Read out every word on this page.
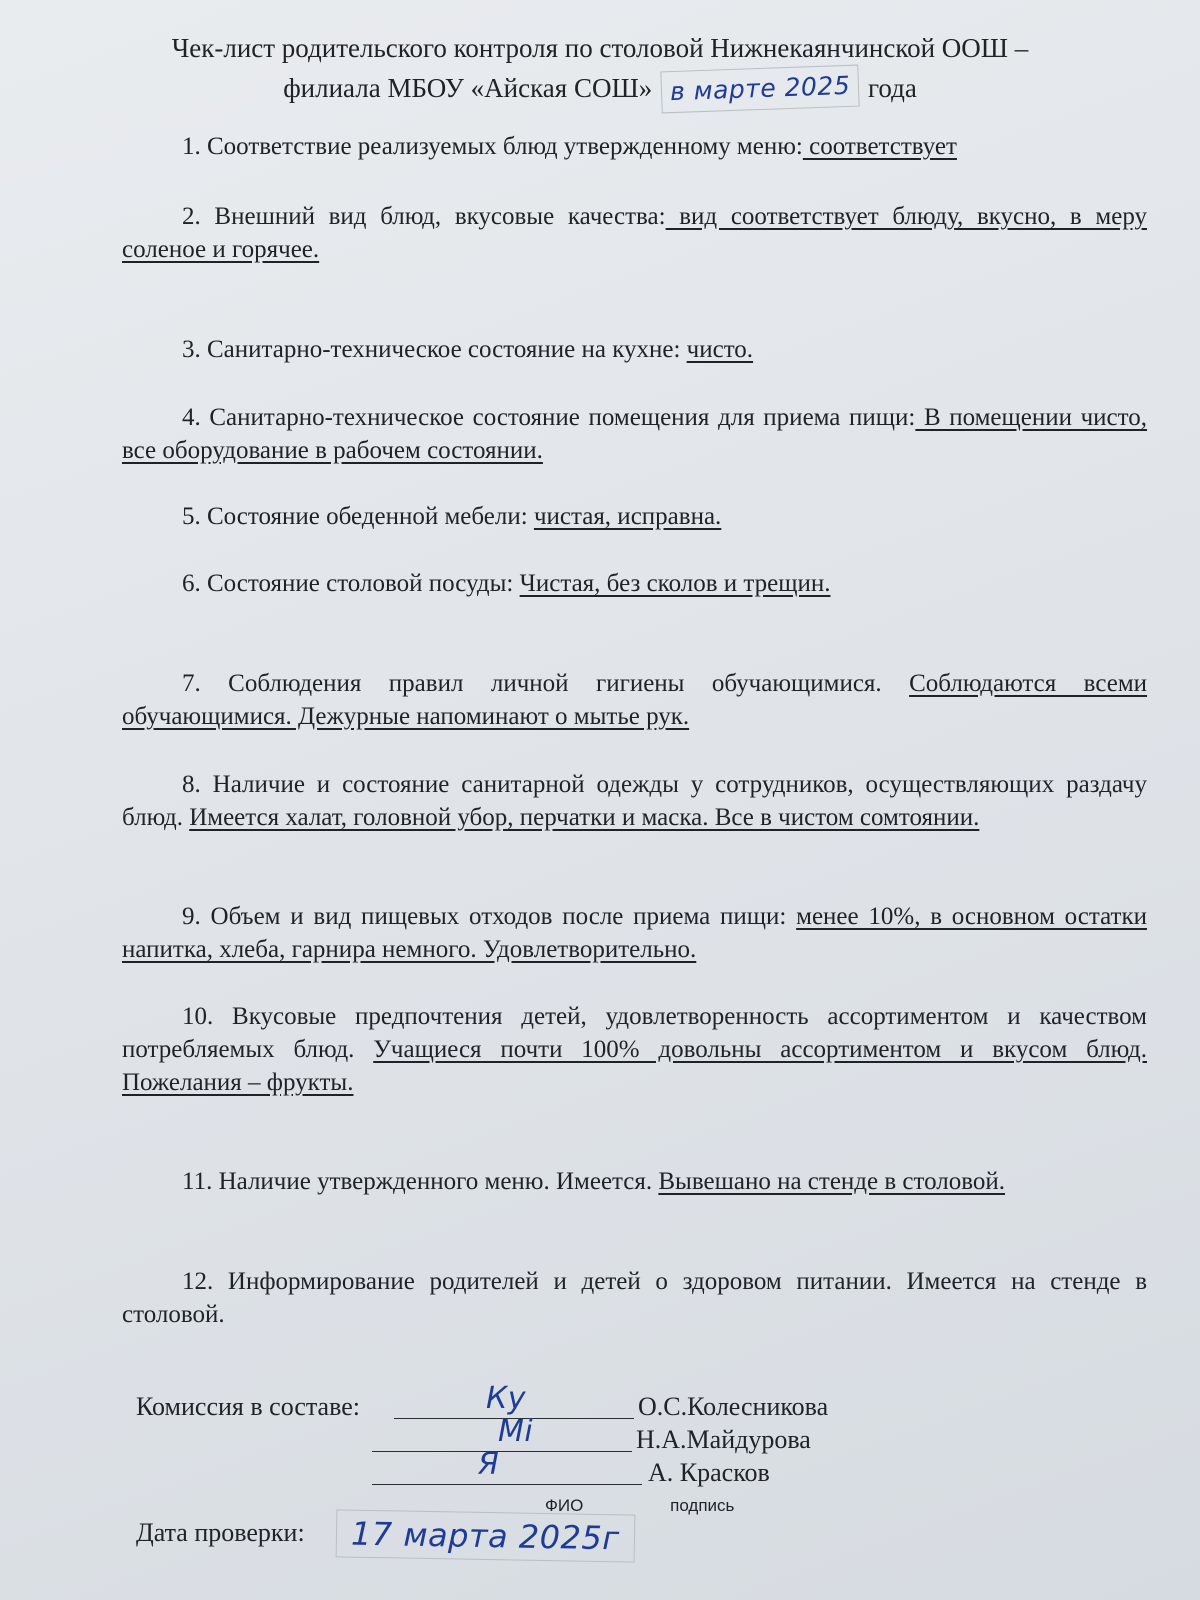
Чек-лист родительского контроля по столовой Нижнекаянчинской ООШ –
филиала МБОУ «Айская СОШ» в марте 2025 года
1. Соответствие реализуемых блюд утвержденному меню: соответствует
2. Внешний вид блюд, вкусовые качества: вид соответствует блюду, вкусно, в меру соленое и горячее.
3. Санитарно-техническое состояние на кухне: чисто.
4. Санитарно-техническое состояние помещения для приема пищи: В помещении чисто, все оборудование в рабочем состоянии.
5. Состояние обеденной мебели: чистая, исправна.
6. Состояние столовой посуды: Чистая, без сколов и трещин.
7. Соблюдения правил личной гигиены обучающимися. Соблюдаются всеми обучающимися. Дежурные напоминают о мытье рук.
8. Наличие и состояние санитарной одежды у сотрудников, осуществляющих раздачу блюд. Имеется халат, головной убор, перчатки и маска. Все в чистом сомтоянии.
9. Объем и вид пищевых отходов после приема пищи: менее 10%, в основном остатки напитка, хлеба, гарнира немного. Удовлетворительно.
10. Вкусовые предпочтения детей, удовлетворенность ассортиментом и качеством потребляемых блюд. Учащиеся почти 100% довольны ассортиментом и вкусом блюд. Пожелания – фрукты.
11. Наличие утвержденного меню. Имеется. Вывешано на стенде в столовой.
12. Информирование родителей и детей о здоровом питании. Имеется на стенде в столовой.
Комиссия в составе:	Ку	О.С.Колесникова
Мі	Н.А.Майдурова
Я	А. Красков
ФИО	подпись
Дата проверки:	17 марта 2025г
